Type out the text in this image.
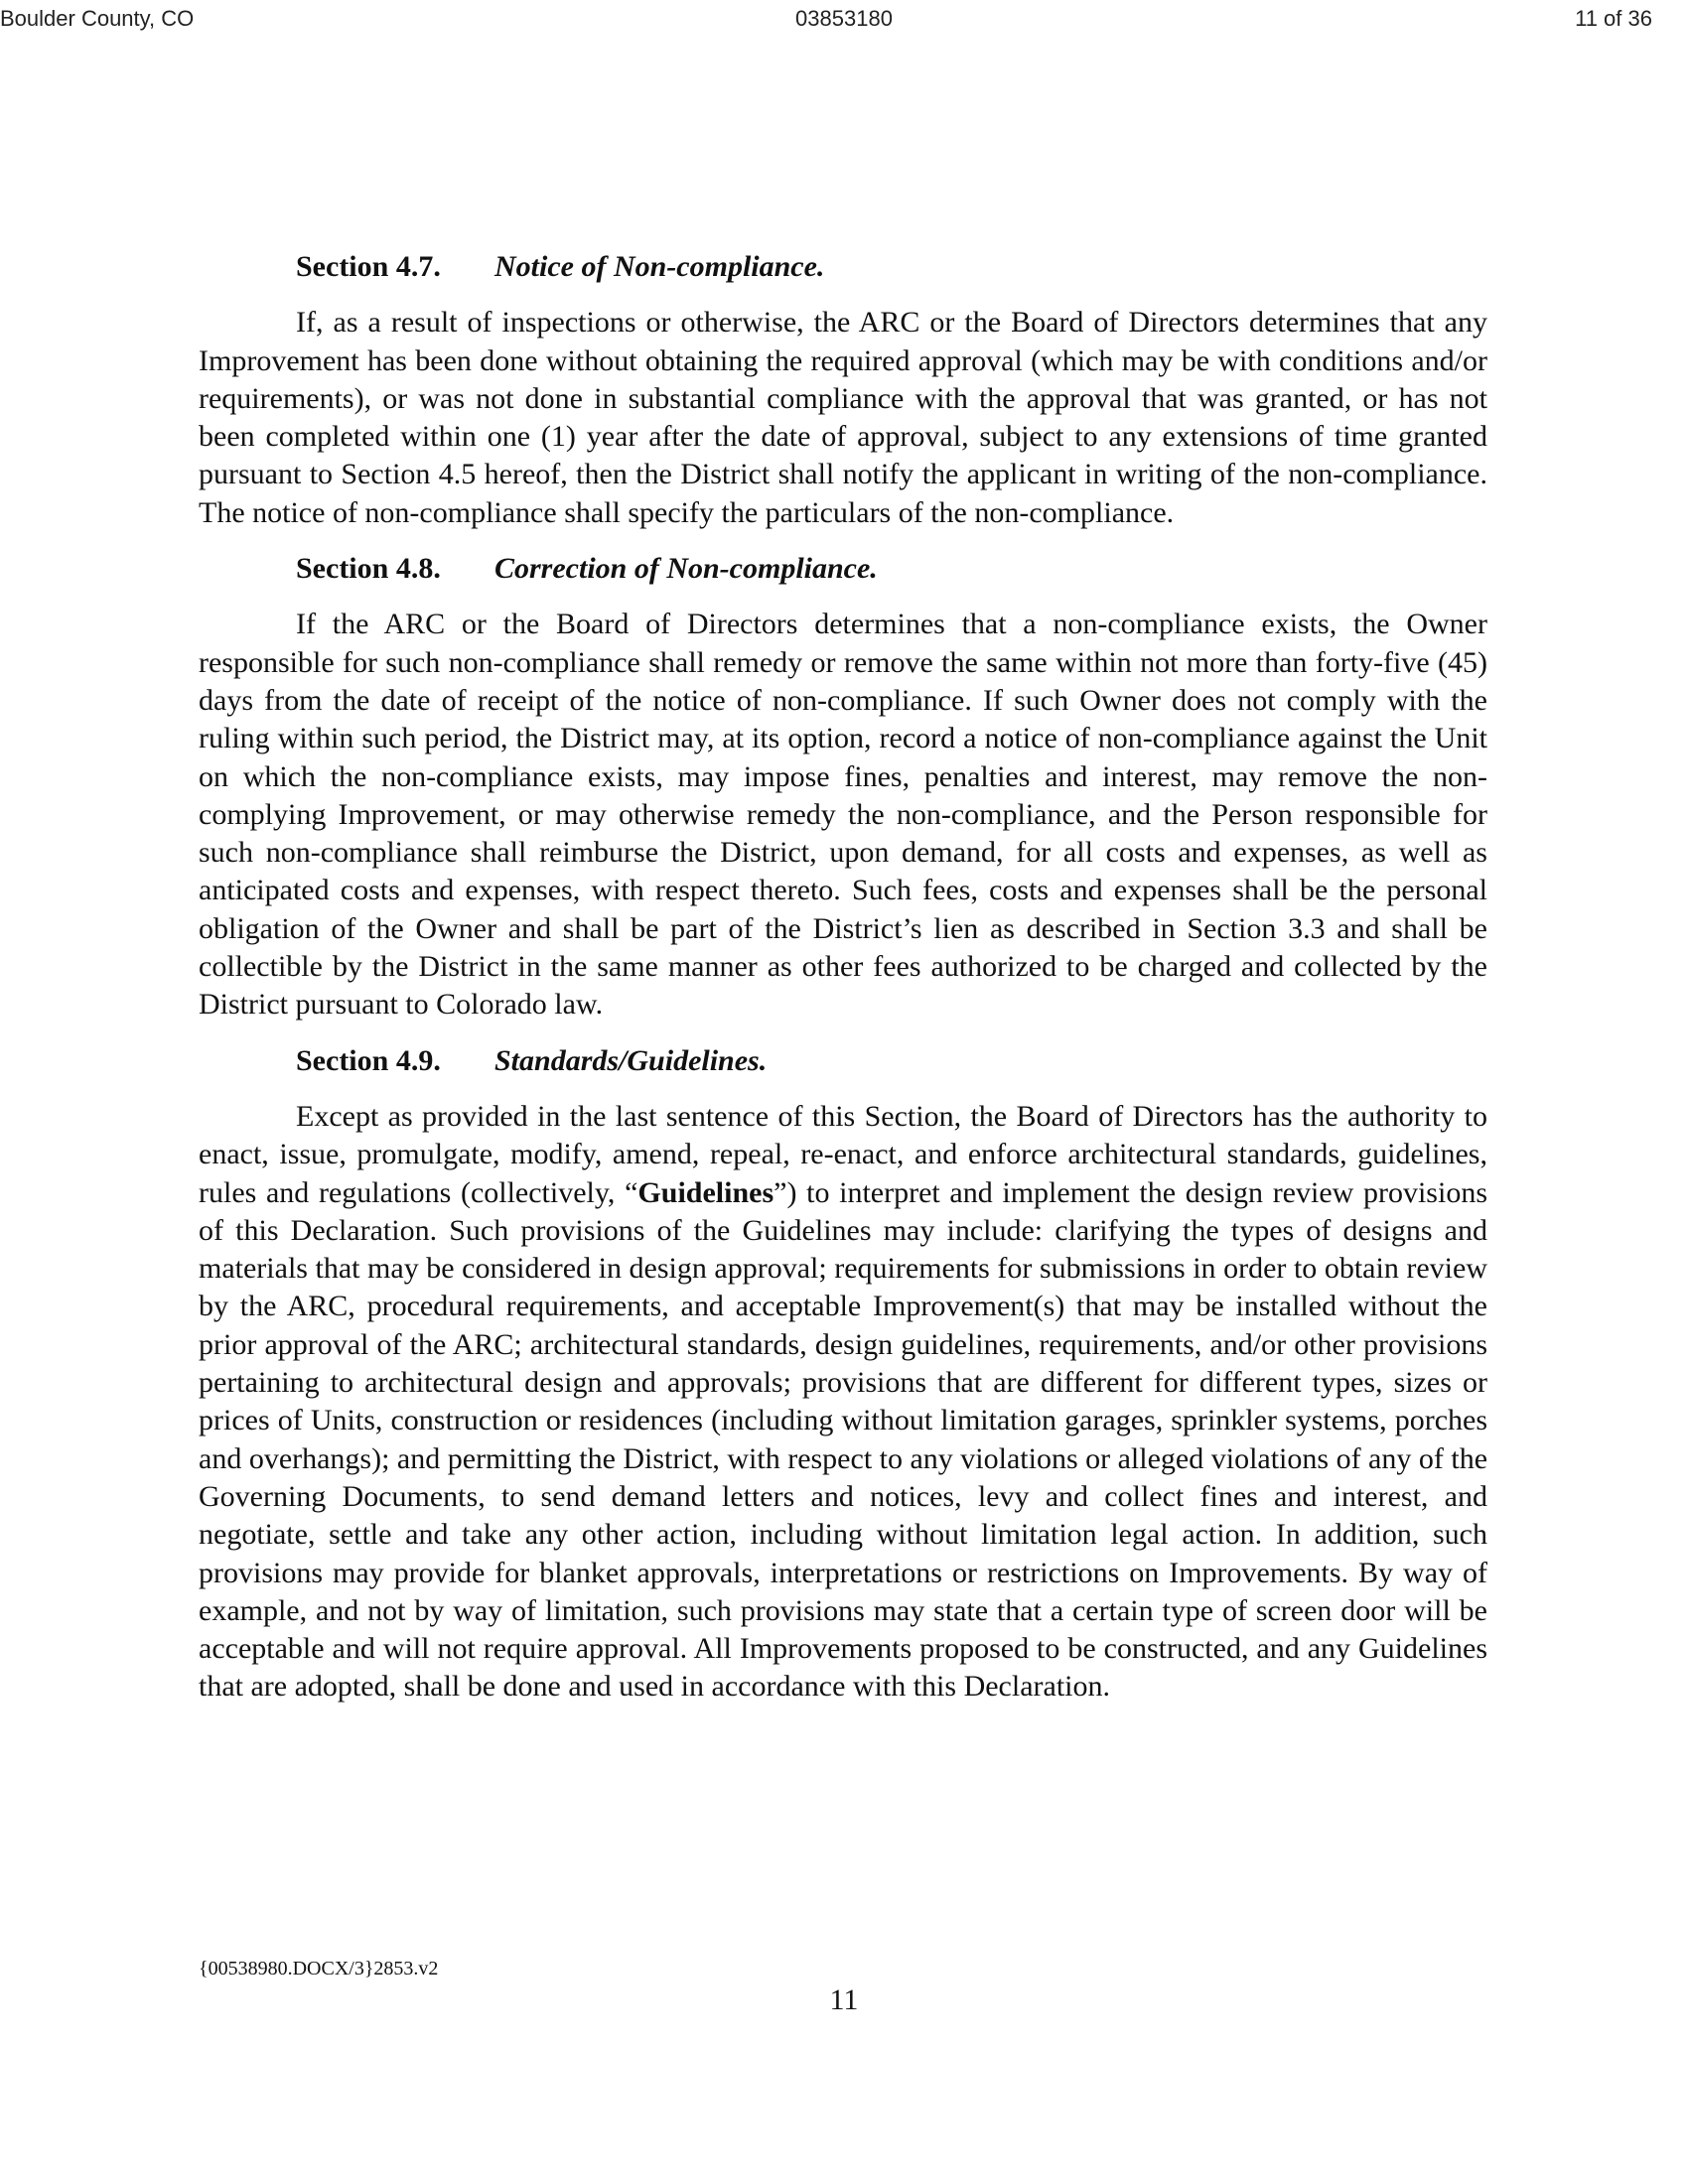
Boulder County, CO	03853180	11 of 36
Section 4.7. Notice of Non-compliance.

If, as a result of inspections or otherwise, the ARC or the Board of Directors determines that any Improvement has been done without obtaining the required approval (which may be with conditions and/or requirements), or was not done in substantial compliance with the approval that was granted, or has not been completed within one (1) year after the date of approval, subject to any extensions of time granted pursuant to Section 4.5 hereof, then the District shall notify the applicant in writing of the non-compliance. The notice of non-compliance shall specify the particulars of the non-compliance.

Section 4.8. Correction of Non-compliance.

If the ARC or the Board of Directors determines that a non-compliance exists, the Owner responsible for such non-compliance shall remedy or remove the same within not more than forty-five (45) days from the date of receipt of the notice of non-compliance. If such Owner does not comply with the ruling within such period, the District may, at its option, record a notice of non-compliance against the Unit on which the non-compliance exists, may impose fines, penalties and interest, may remove the non-complying Improvement, or may otherwise remedy the non-compliance, and the Person responsible for such non-compliance shall reimburse the District, upon demand, for all costs and expenses, as well as anticipated costs and expenses, with respect thereto. Such fees, costs and expenses shall be the personal obligation of the Owner and shall be part of the District’s lien as described in Section 3.3 and shall be collectible by the District in the same manner as other fees authorized to be charged and collected by the District pursuant to Colorado law.

Section 4.9. Standards/Guidelines.

Except as provided in the last sentence of this Section, the Board of Directors has the authority to enact, issue, promulgate, modify, amend, repeal, re-enact, and enforce architectural standards, guidelines, rules and regulations (collectively, “Guidelines”) to interpret and implement the design review provisions of this Declaration. Such provisions of the Guidelines may include: clarifying the types of designs and materials that may be considered in design approval; requirements for submissions in order to obtain review by the ARC, procedural requirements, and acceptable Improvement(s) that may be installed without the prior approval of the ARC; architectural standards, design guidelines, requirements, and/or other provisions pertaining to architectural design and approvals; provisions that are different for different types, sizes or prices of Units, construction or residences (including without limitation garages, sprinkler systems, porches and overhangs); and permitting the District, with respect to any violations or alleged violations of any of the Governing Documents, to send demand letters and notices, levy and collect fines and interest, and negotiate, settle and take any other action, including without limitation legal action. In addition, such provisions may provide for blanket approvals, interpretations or restrictions on Improvements. By way of example, and not by way of limitation, such provisions may state that a certain type of screen door will be acceptable and will not require approval. All Improvements proposed to be constructed, and any Guidelines that are adopted, shall be done and used in accordance with this Declaration.

{00538980.DOCX/3}2853.v2
11
